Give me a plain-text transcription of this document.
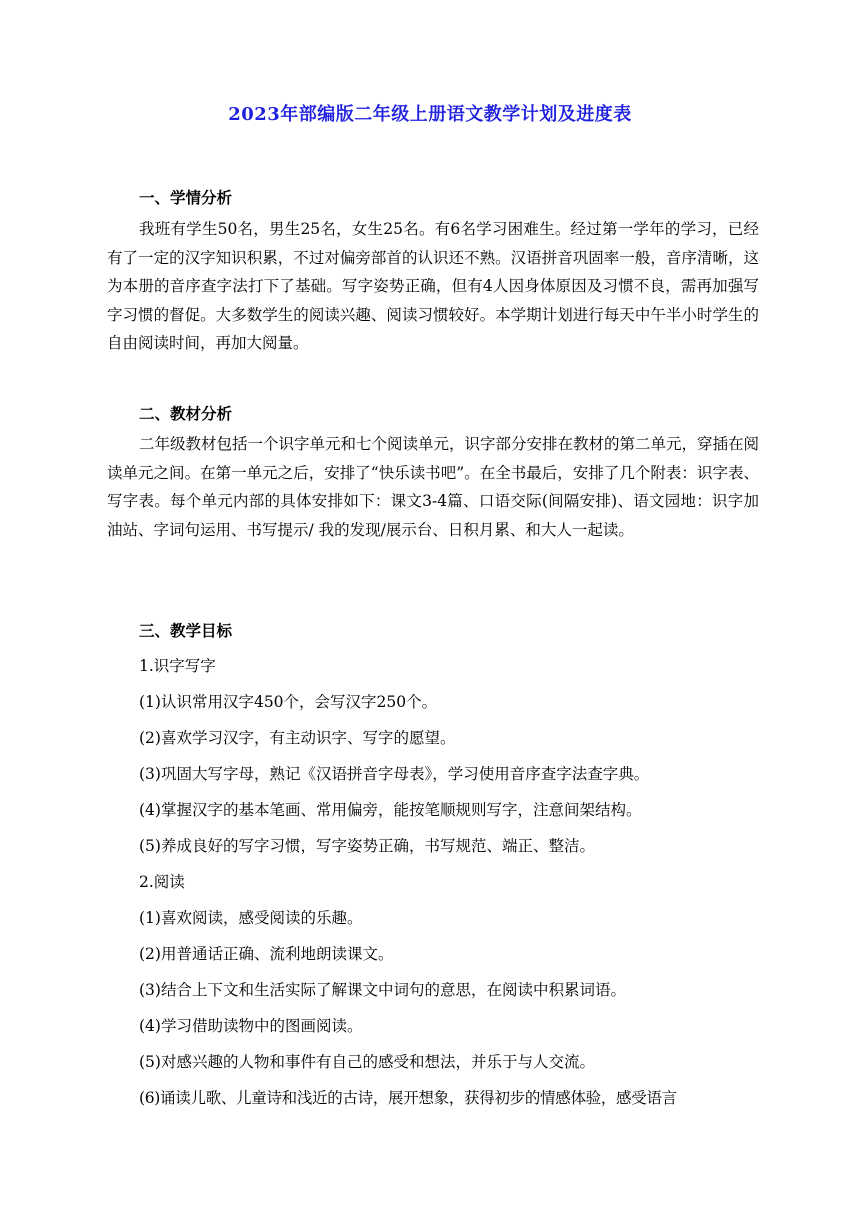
2023年部编版二年级上册语文教学计划及进度表
一、学情分析

我班有学生50名，男生25名，女生25名。有6名学习困难生。经过第一学年的学习，已经有了一定的汉字知识积累，不过对偏旁部首的认识还不熟。汉语拼音巩固率一般，音序清晰，这为本册的音序查字法打下了基础。写字姿势正确，但有4人因身体原因及习惯不良，需再加强写字习惯的督促。大多数学生的阅读兴趣、阅读习惯较好。本学期计划进行每天中午半小时学生的自由阅读时间，再加大阅量。

二、教材分析

二年级教材包括一个识字单元和七个阅读单元，识字部分安排在教材的第二单元，穿插在阅读单元之间。在第一单元之后，安排了“快乐读书吧”。在全书最后，安排了几个附表：识字表、写字表。每个单元内部的具体安排如下：课文3-4篇、口语交际(间隔安排)、语文园地：识字加油站、字词句运用、书写提示/ 我的发现/展示台、日积月累、和大人一起读。

三、教学目标
1.识字写字
(1)认识常用汉字450个，会写汉字250个。
(2)喜欢学习汉字，有主动识字、写字的愿望。
(3)巩固大写字母，熟记《汉语拼音字母表》，学习使用音序查字法查字典。
(4)掌握汉字的基本笔画、常用偏旁，能按笔顺规则写字，注意间架结构。
(5)养成良好的写字习惯，写字姿势正确，书写规范、端正、整洁。
2.阅读
(1)喜欢阅读，感受阅读的乐趣。
(2)用普通话正确、流利地朗读课文。
(3)结合上下文和生活实际了解课文中词句的意思，在阅读中积累词语。
(4)学习借助读物中的图画阅读。
(5)对感兴趣的人物和事件有自己的感受和想法，并乐于与人交流。
(6)诵读儿歌、儿童诗和浅近的古诗，展开想象，获得初步的情感体验，感受语言
